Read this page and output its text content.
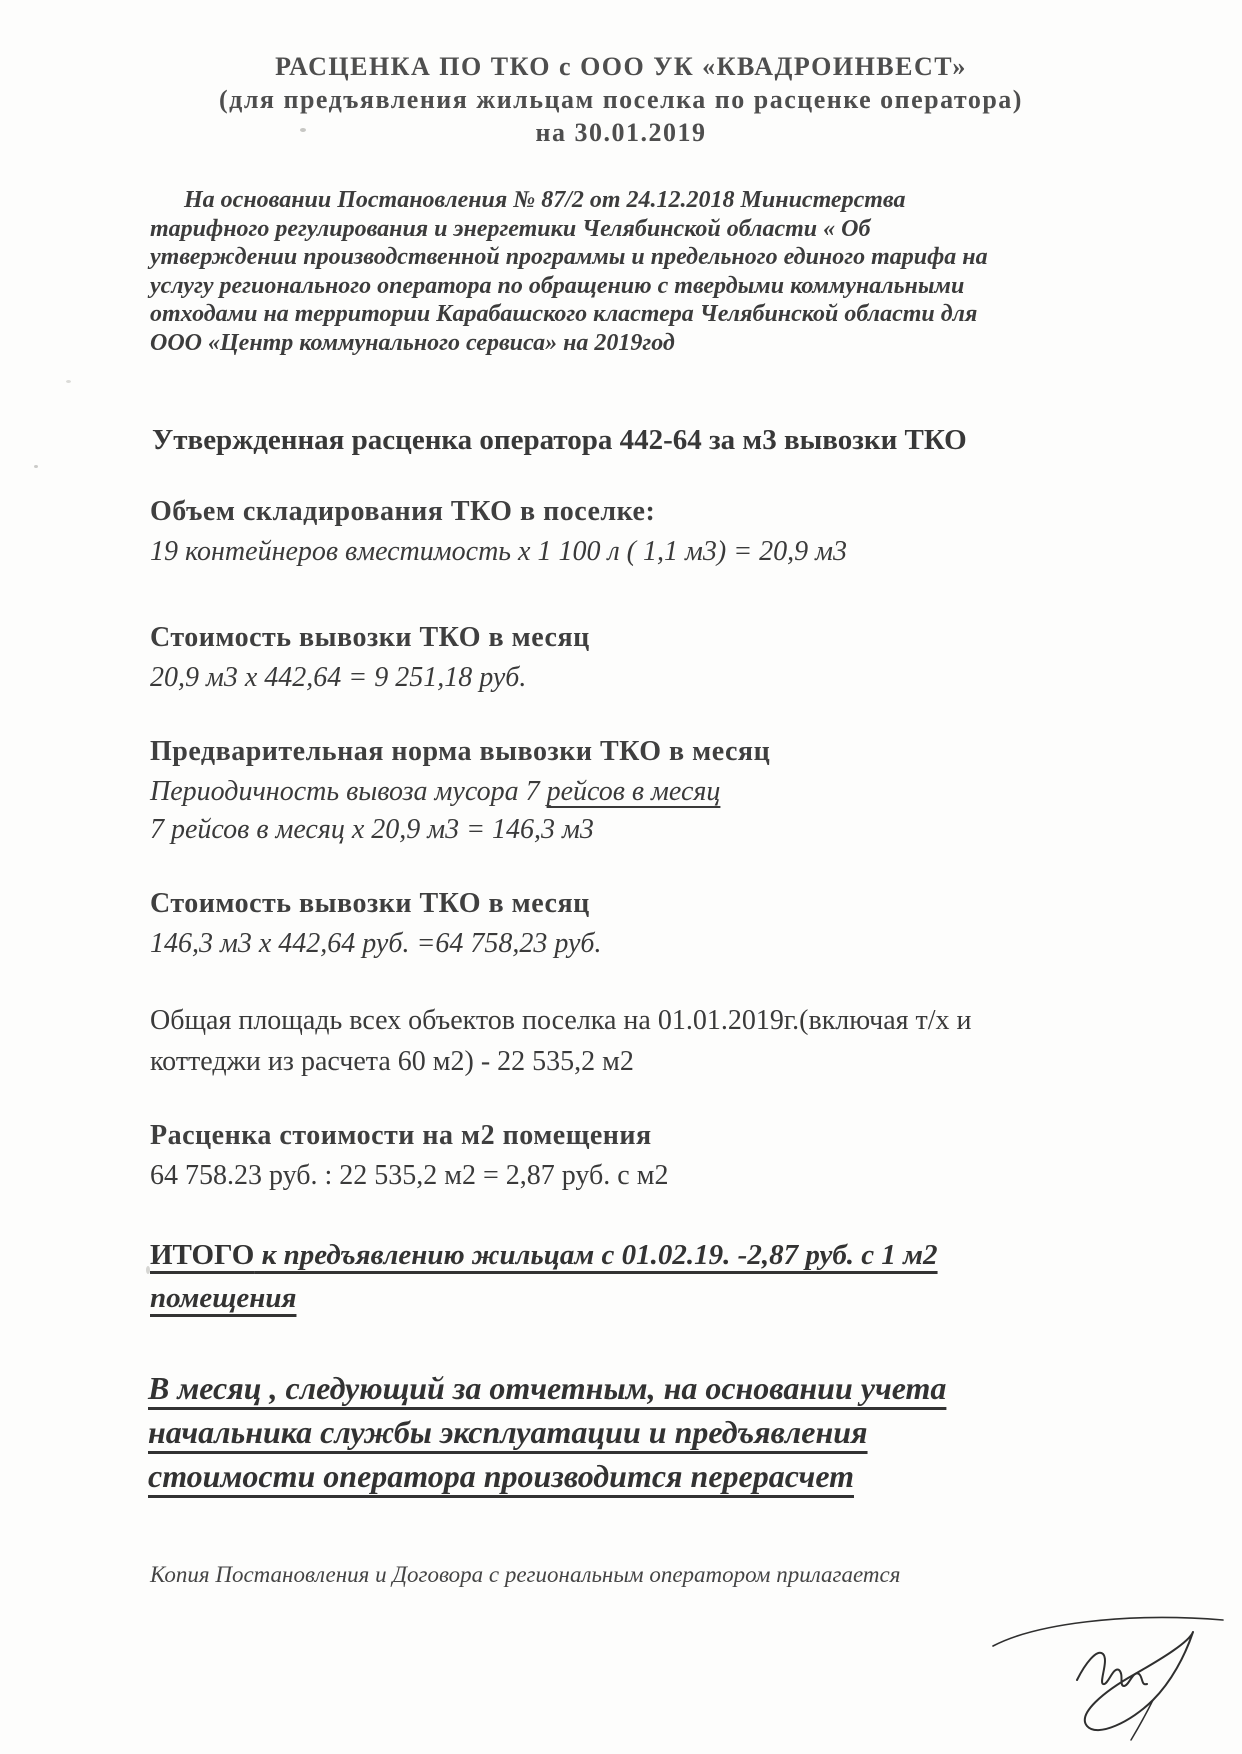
РАСЦЕНКА ПО ТКО с ООО УК «КВАДРОИНВЕСТ»
(для предъявления жильцам поселка по расценке оператора)
на 30.01.2019
На основании Постановления № 87/2 от 24.12.2018 Министерства тарифного регулирования и энергетики Челябинской области « Об утверждении производственной программы и предельного единого тарифа на услугу регионального оператора по обращению с твердыми коммунальными отходами на территории Карабашского кластера Челябинской области для ООО «Центр коммунального сервиса» на 2019год
Утвержденная расценка оператора 442-64 за м3 вывозки ТКО
Объем складирования ТКО в поселке:
19 контейнеров вместимость х 1 100 л ( 1,1 м3) = 20,9 м3
Стоимость вывозки ТКО в месяц
20,9 м3 х 442,64 = 9 251,18 руб.
Предварительная норма вывозки ТКО в месяц
Периодичность вывоза мусора 7 рейсов в месяц
7 рейсов в месяц х 20,9 м3 = 146,3 м3
Стоимость вывозки ТКО в месяц
146,3 м3 х 442,64 руб. =64 758,23 руб.
Общая площадь всех объектов поселка на 01.01.2019г.(включая т/х и коттеджи из расчета 60 м2) - 22 535,2 м2
Расценка стоимости на м2 помещения
64 758.23 руб. : 22 535,2 м2 = 2,87 руб. с м2
ИТОГО к предъявлению жильцам с 01.02.19. -2,87 руб. с 1 м2 помещения
В месяц , следующий за отчетным, на основании учета начальника службы эксплуатации и предъявления стоимости оператора производится перерасчет
Копия Постановления и Договора с региональным оператором прилагается
